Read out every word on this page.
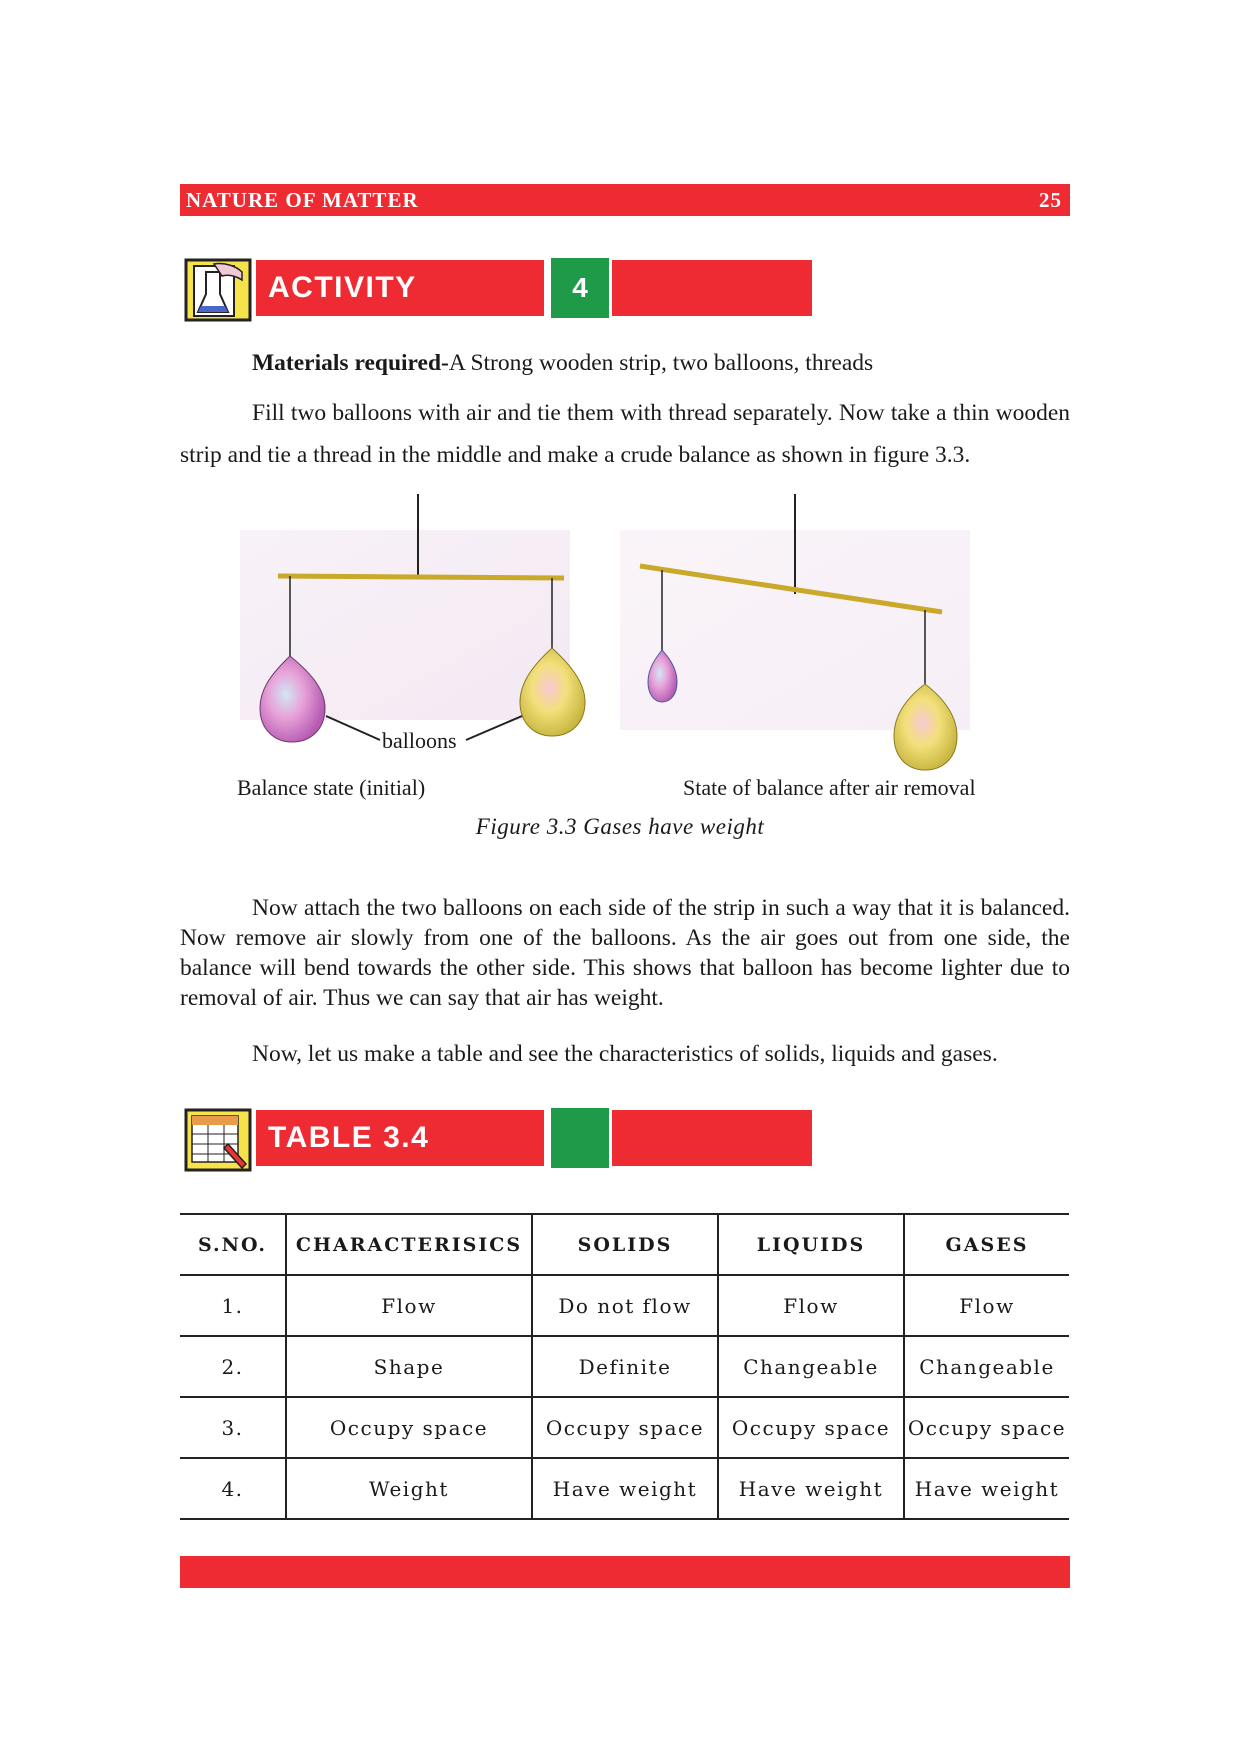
NATURE OF MATTER	25
ACTIVITY	4
Materials required-A Strong wooden strip, two balloons, threads
Fill two balloons with air and tie them with thread separately. Now take a thin wooden strip and tie a thread in the middle and make a crude balance as shown in figure 3.3.
balloons
Balance state (initial)	State of balance after air removal
Figure 3.3 Gases have weight
Now attach the two balloons on each side of the strip in such a way that it is balanced. Now remove air slowly from one of the balloons. As the air goes out from one side, the balance will bend towards the other side. This shows that balloon has become lighter due to removal of air. Thus we can say that air has weight.
Now, let us make a table and see the characteristics of solids, liquids and gases.
TABLE 3.4
S.NO.	CHARACTERISICS	SOLIDS	LIQUIDS	GASES
1.	Flow	Do not flow	Flow	Flow
2.	Shape	Definite	Changeable	Changeable
3.	Occupy space	Occupy space	Occupy space	Occupy space
4.	Weight	Have weight	Have weight	Have weight
